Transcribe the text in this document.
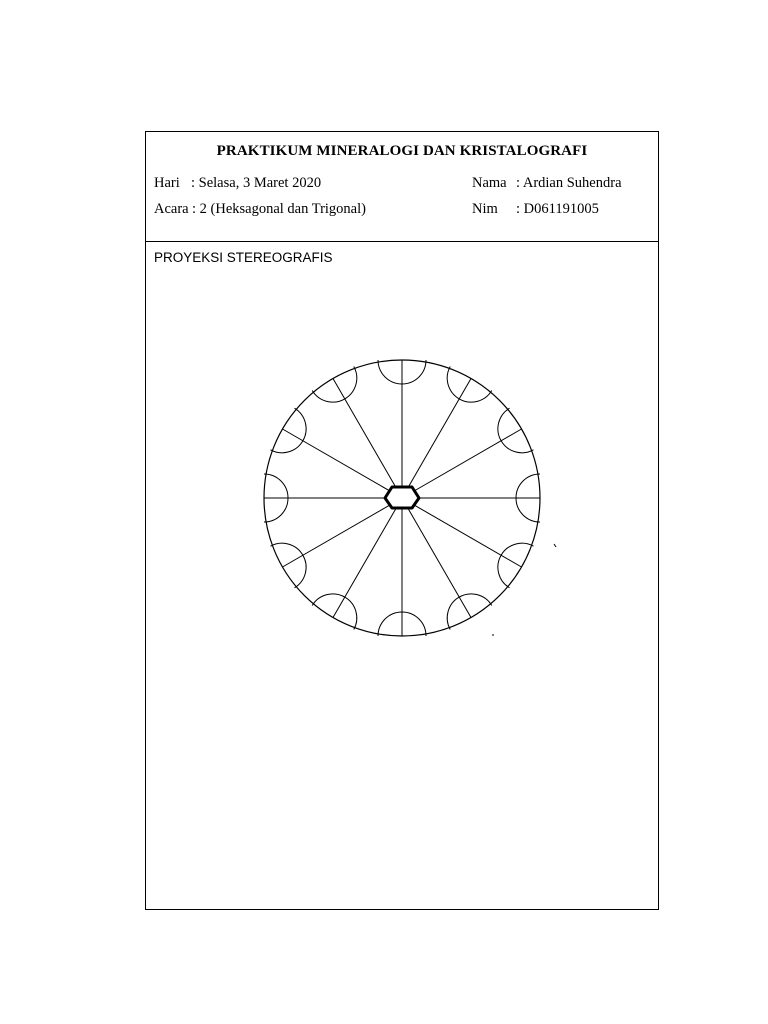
PRAKTIKUM MINERALOGI DAN KRISTALOGRAFI
Hari : Selasa, 3 Maret 2020
Acara : 2 (Heksagonal dan Trigonal)
Nama : Ardian Suhendra
Nim : D061191005
PROYEKSI STEREOGRAFIS
